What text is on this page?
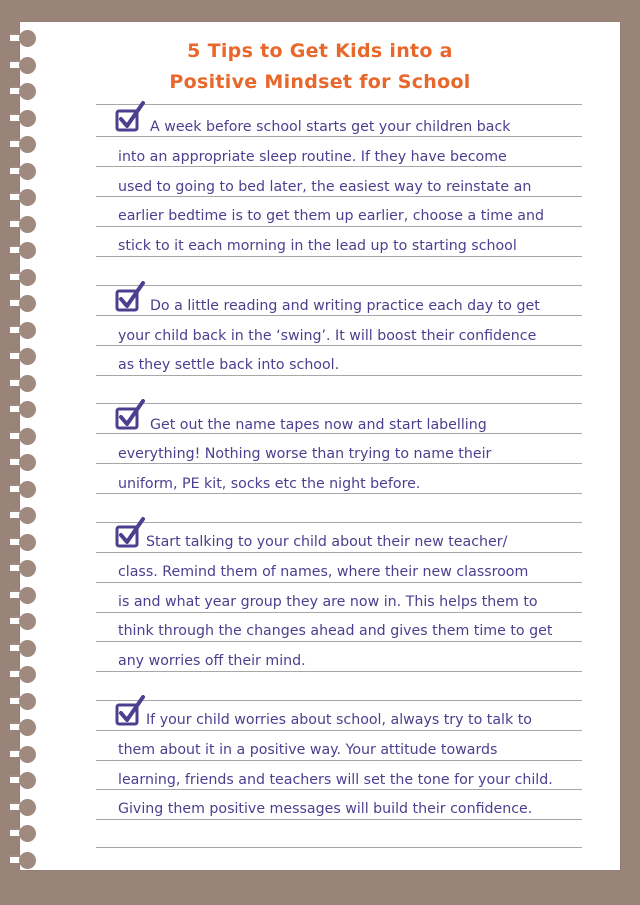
5 Tips to Get Kids into a
Positive Mindset for School
A week before school starts get your children back
into an appropriate sleep routine. If they have become
used to going to bed later, the easiest way to reinstate an
earlier bedtime is to get them up earlier, choose a time and
stick to it each morning in the lead up to starting school
Do a little reading and writing practice each day to get
your child back in the ‘swing’. It will boost their confidence
as they settle back into school.
Get out the name tapes now and start labelling
everything! Nothing worse than trying to name their
uniform, PE kit, socks etc the night before.
Start talking to your child about their new teacher/
class. Remind them of names, where their new classroom
is and what year group they are now in. This helps them to
think through the changes ahead and gives them time to get
any worries off their mind.
If your child worries about school, always try to talk to
them about it in a positive way. Your attitude towards
learning, friends and teachers will set the tone for your child.
Giving them positive messages will build their confidence.
